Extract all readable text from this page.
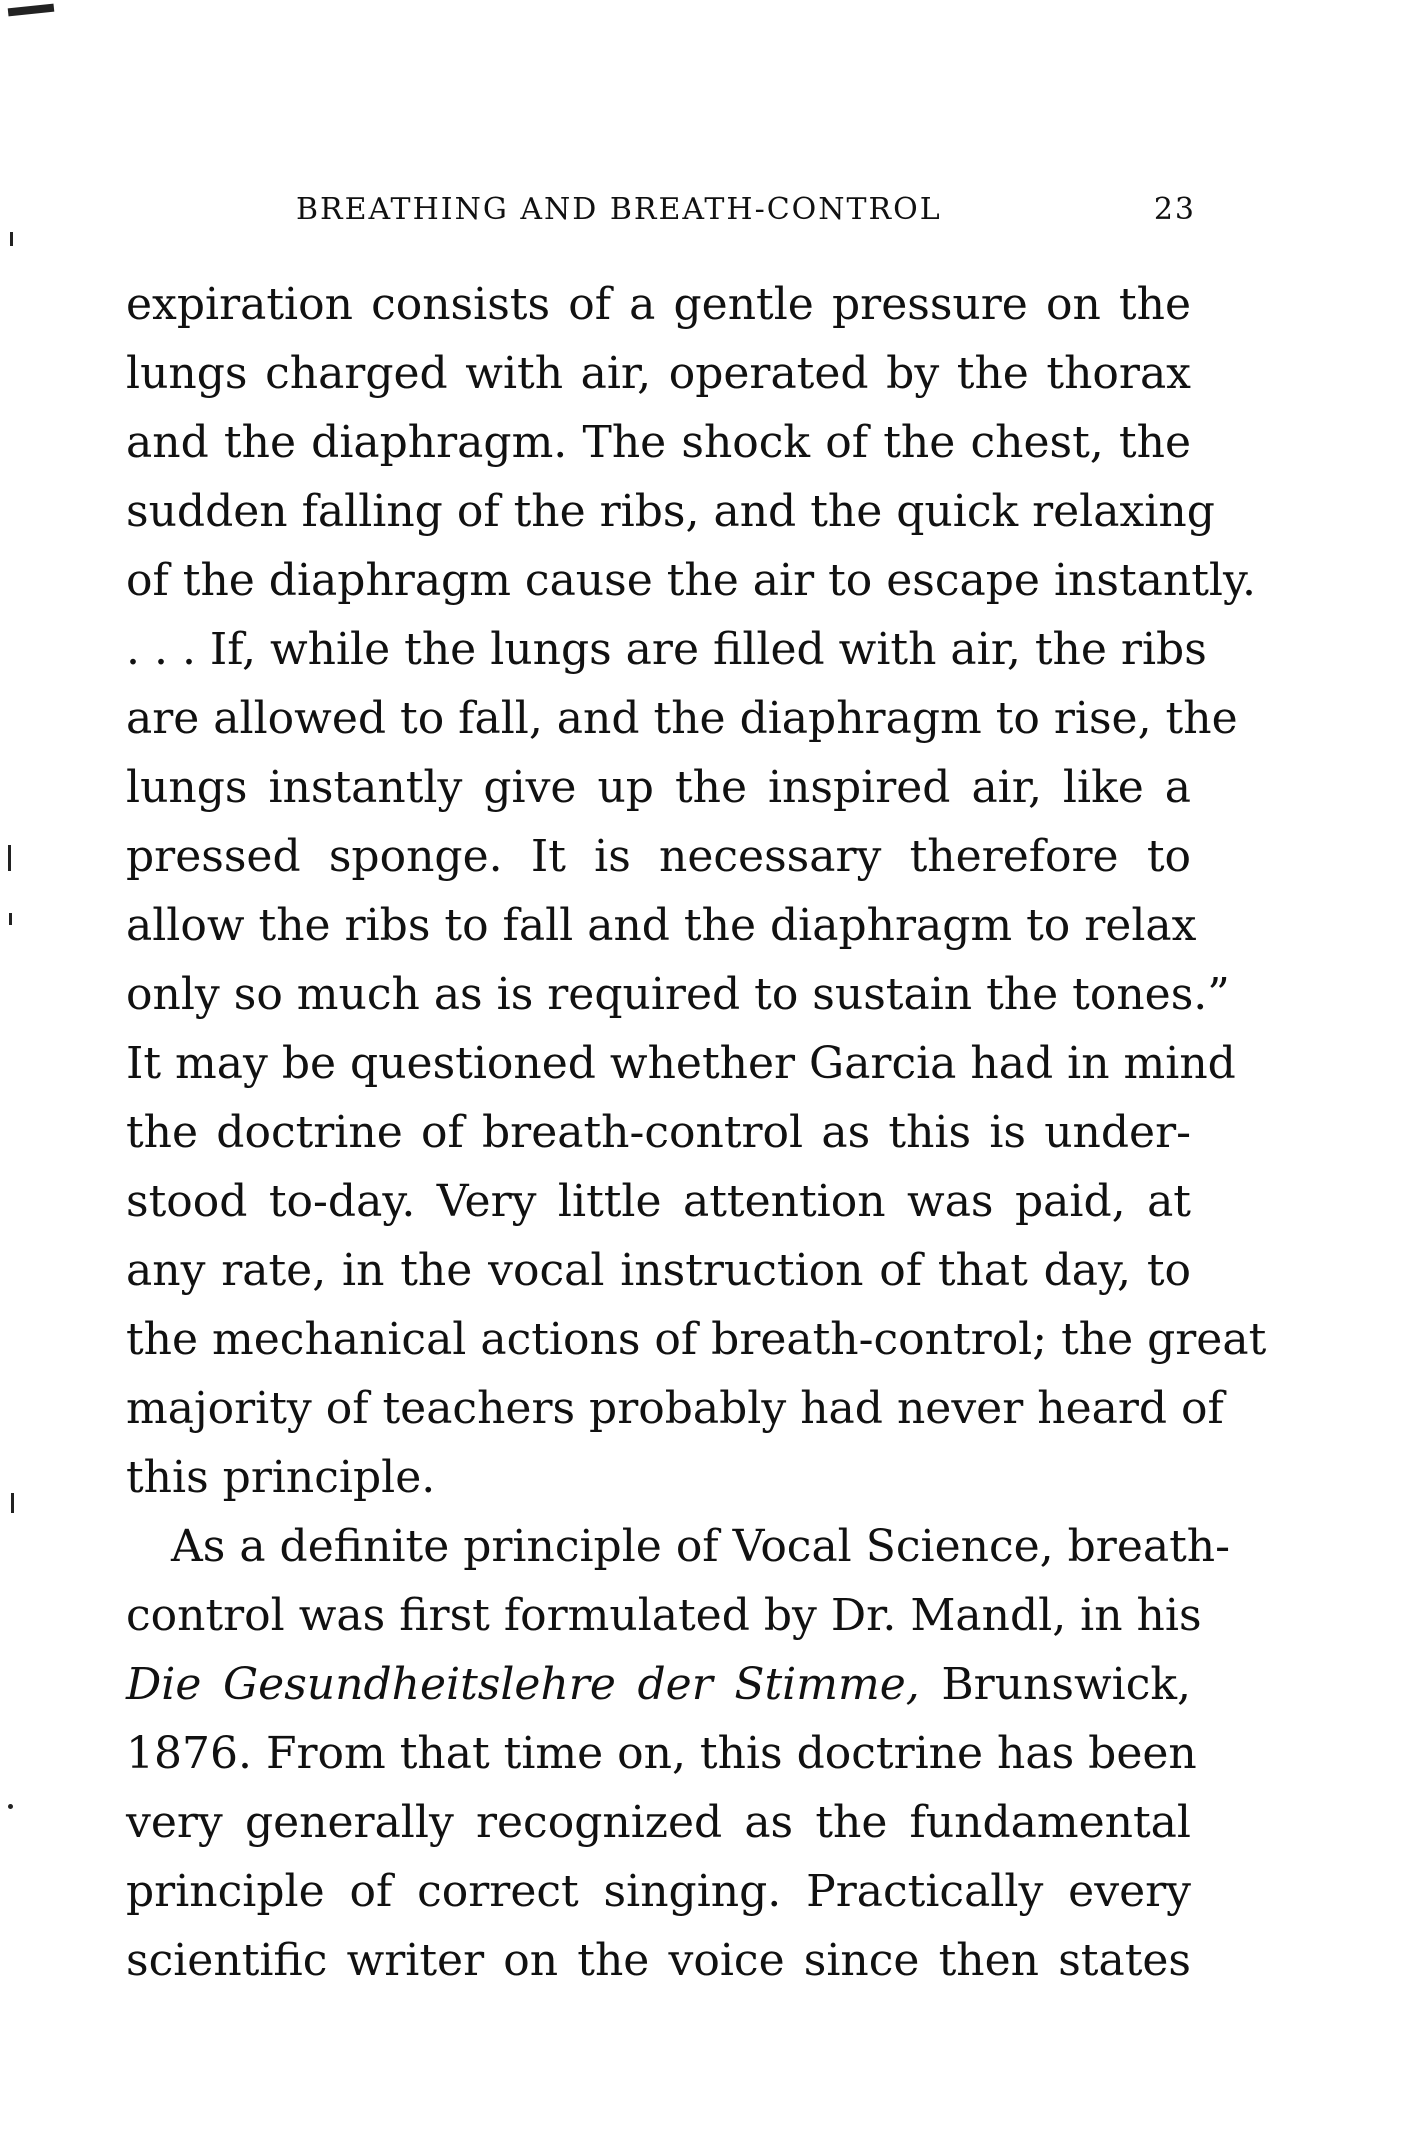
BREATHING AND BREATH-CONTROL	23
expiration consists of a gentle pressure on the
lungs charged with air, operated by the thorax
and the diaphragm. The shock of the chest, the
sudden falling of the ribs, and the quick relaxing
of the diaphragm cause the air to escape instantly.
. . . If, while the lungs are filled with air, the ribs
are allowed to fall, and the diaphragm to rise, the
lungs instantly give up the inspired air, like a
pressed sponge. It is necessary therefore to
allow the ribs to fall and the diaphragm to relax
only so much as is required to sustain the tones.”
It may be questioned whether Garcia had in mind
the doctrine of breath-control as this is under-
stood to-day. Very little attention was paid, at
any rate, in the vocal instruction of that day, to
the mechanical actions of breath-control; the great
majority of teachers probably had never heard of
this principle.
As a definite principle of Vocal Science, breath-
control was first formulated by Dr. Mandl, in his
Die Gesundheitslehre der Stimme, Brunswick,
1876. From that time on, this doctrine has been
very generally recognized as the fundamental
principle of correct singing. Practically every
scientific writer on the voice since then states
